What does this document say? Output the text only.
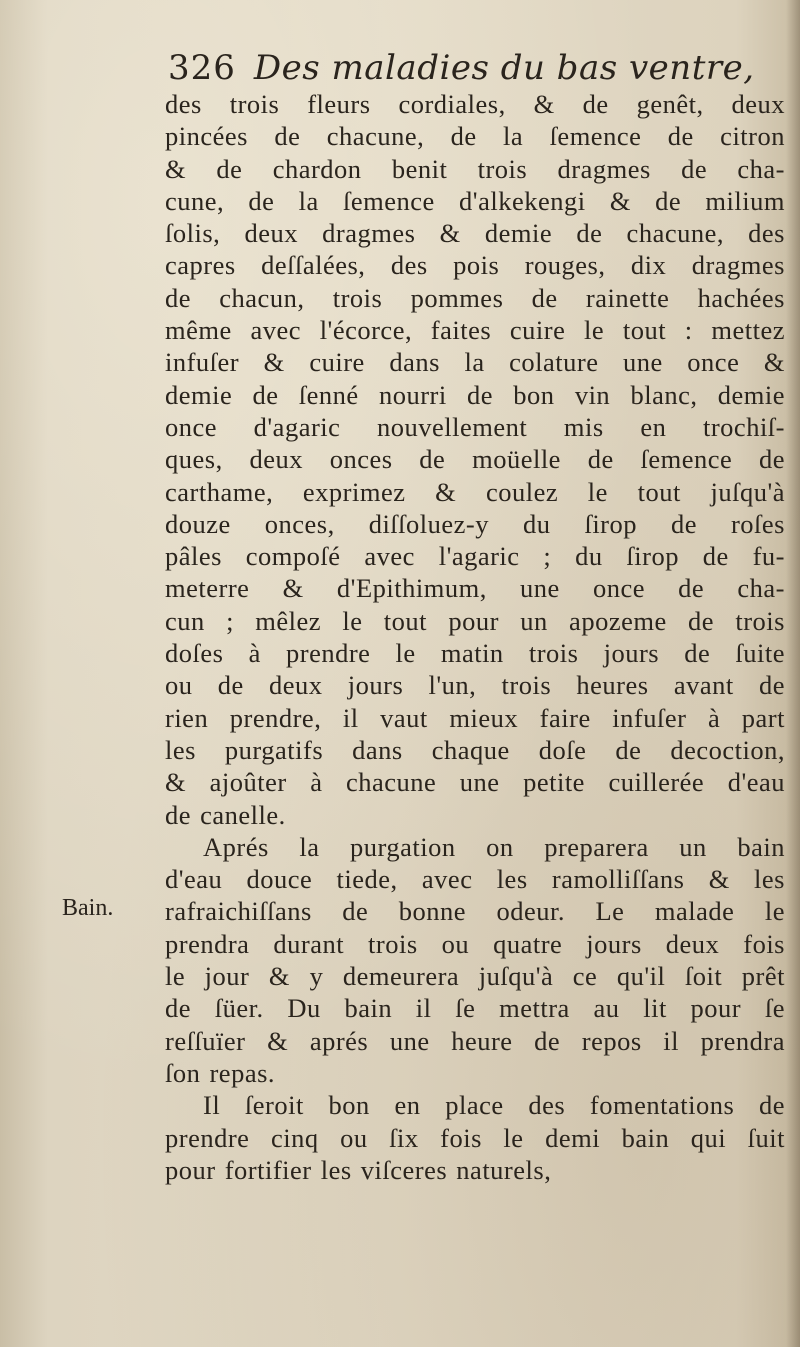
326 Des maladies du bas ventre,
Bain.
des trois fleurs cordiales, & de genêt, deux
pincées de chacune, de la ſemence de citron
& de chardon benit trois dragmes de cha-
cune, de la ſemence d'alkekengi & de milium
ſolis, deux dragmes & demie de chacune, des
capres deſſalées, des pois rouges, dix dragmes
de chacun, trois pommes de rainette hachées
même avec l'écorce, faites cuire le tout : mettez
infuſer & cuire dans la colature une once &
demie de ſenné nourri de bon vin blanc, demie
once d'agaric nouvellement mis en trochiſ-
ques, deux onces de moüelle de ſemence de
carthame, exprimez & coulez le tout juſqu'à
douze onces, diſſoluez-y du ſirop de roſes
pâles compoſé avec l'agaric ; du ſirop de fu-
meterre & d'Epithimum, une once de cha-
cun ; mêlez le tout pour un apozeme de trois
doſes à prendre le matin trois jours de ſuite
ou de deux jours l'un, trois heures avant de
rien prendre, il vaut mieux faire infuſer à part
les purgatifs dans chaque doſe de decoction,
& ajoûter à chacune une petite cuillerée d'eau
de canelle.
Aprés la purgation on preparera un bain
d'eau douce tiede, avec les ramolliſſans & les
rafraichiſſans de bonne odeur. Le malade le
prendra durant trois ou quatre jours deux fois
le jour & y demeurera juſqu'à ce qu'il ſoit prêt
de ſüer. Du bain il ſe mettra au lit pour ſe
reſſuïer & aprés une heure de repos il prendra
ſon repas.
Il ſeroit bon en place des fomentations de
prendre cinq ou ſix fois le demi bain qui ſuit
pour fortifier les viſceres naturels,
